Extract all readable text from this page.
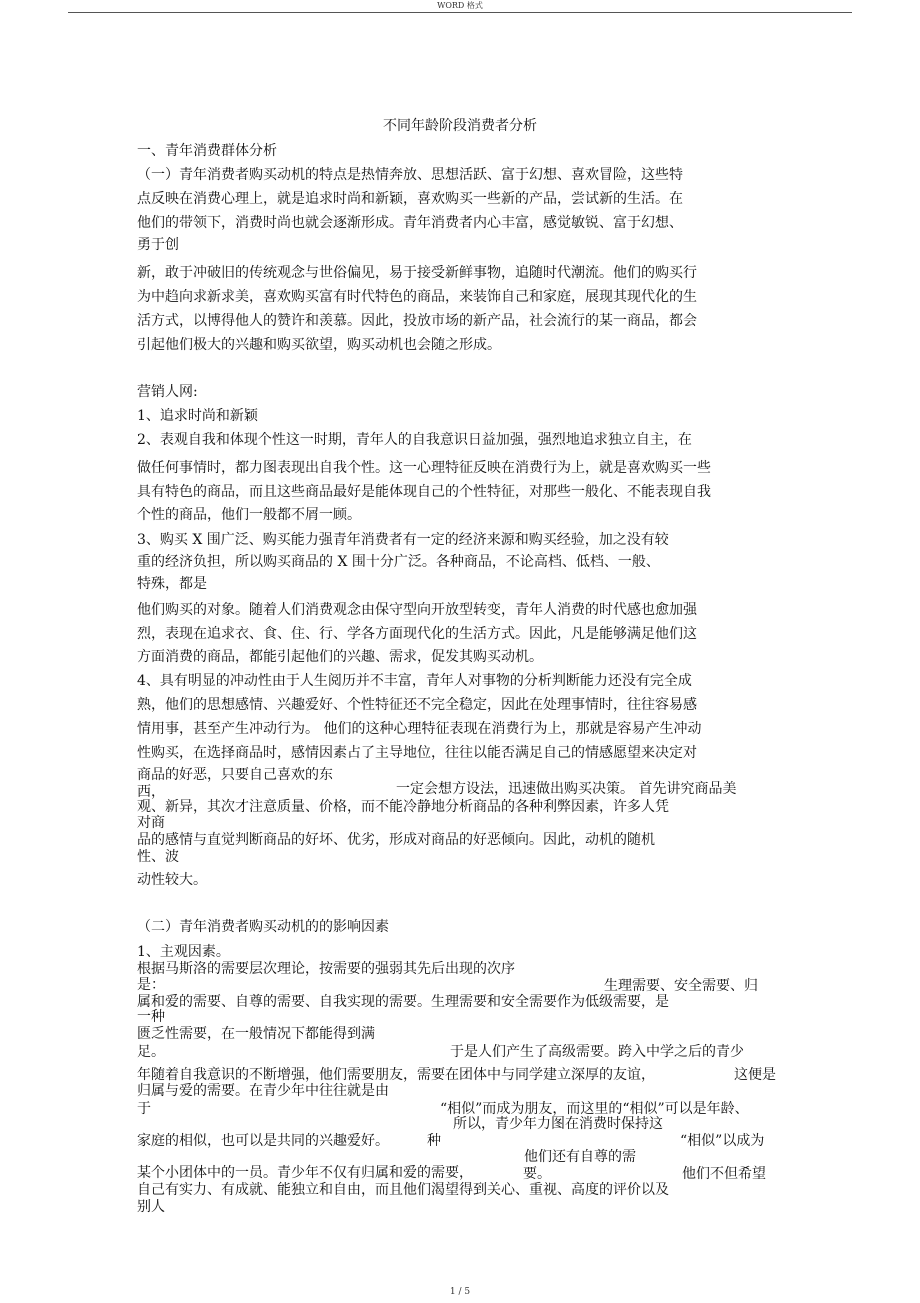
WORD 格式
不同年龄阶段消费者分析
一、青年消费群体分析
（一）青年消费者购买动机的特点是热情奔放、思想活跃、富于幻想、喜欢冒险，这些特
点反映在消费心理上，就是追求时尚和新颖，喜欢购买一些新的产品，尝试新的生活。在
他们的带领下，消费时尚也就会逐渐形成。青年消费者内心丰富，感觉敏锐、富于幻想、
勇于创
新，敢于冲破旧的传统观念与世俗偏见，易于接受新鲜事物，追随时代潮流。他们的购买行
为中趋向求新求美，喜欢购买富有时代特色的商品，来装饰自己和家庭，展现其现代化的生
活方式，以博得他人的赞许和羡慕。因此，投放市场的新产品，社会流行的某一商品，都会
引起他们极大的兴趣和购买欲望，购买动机也会随之形成。
营销人网:
1、追求时尚和新颖
2、表观自我和体现个性这一时期，青年人的自我意识日益加强，强烈地追求独立自主，在
做任何事情时，都力图表现出自我个性。这一心理特征反映在消费行为上，就是喜欢购买一些
具有特色的商品，而且这些商品最好是能体现自己的个性特征，对那些一般化、不能表现自我
个性的商品，他们一般都不屑一顾。
3、购买 X 围广泛、购买能力强青年消费者有一定的经济来源和购买经验，加之没有较
重的经济负担，所以购买商品的 X 围十分广泛。各种商品，不论高档、低档、一般、
特殊，都是
他们购买的对象。随着人们消费观念由保守型向开放型转变，青年人消费的时代感也愈加强
烈，表现在追求衣、食、住、行、学各方面现代化的生活方式。因此，凡是能够满足他们这
方面消费的商品，都能引起他们的兴趣、需求，促发其购买动机。
4、具有明显的冲动性由于人生阅历并不丰富，青年人对事物的分析判断能力还没有完全成
熟，他们的思想感情、兴趣爱好、个性特征还不完全稳定，因此在处理事情时，往往容易感
情用事，甚至产生冲动行为。 他们的这种心理特征表现在消费行为上，那就是容易产生冲动
性购买，在选择商品时，感情因素占了主导地位，往往以能否满足自己的情感愿望来决定对
商品的好恶，只要自己喜欢的东
西，	一定会想方设法，迅速做出购买决策。 首先讲究商品美
观、新异，其次才注意质量、价格，而不能冷静地分析商品的各种利弊因素，许多人凭
对商
品的感情与直觉判断商品的好坏、优劣，形成对商品的好恶倾向。因此，动机的随机
性、波
动性较大。
（二）青年消费者购买动机的的影响因素
1、主观因素。
根据马斯洛的需要层次理论，按需要的强弱其先后出现的次序
是：	生理需要、安全需要、归
属和爱的需要、自尊的需要、自我实现的需要。生理需要和安全需要作为低级需要，是
一种
匮乏性需要，在一般情况下都能得到满
足。	于是人们产生了高级需要。跨入中学之后的青少
年随着自我意识的不断增强，他们需要朋友，需要在团体中与同学建立深厚的友谊，	这便是
归属与爱的需要。在青少年中往往就是由
于	“相似”而成为朋友，而这里的“相似”可以是年龄、
所以，青少年力图在消费时保持这
家庭的相似，也可以是共同的兴趣爱好。	种	“相似”以成为
他们还有自尊的需
某个小团体中的一员。青少年不仅有归属和爱的需要，	要。	他们不但希望
自己有实力、有成就、能独立和自由，而且他们渴望得到关心、重视、高度的评价以及
别人
1 / 5
